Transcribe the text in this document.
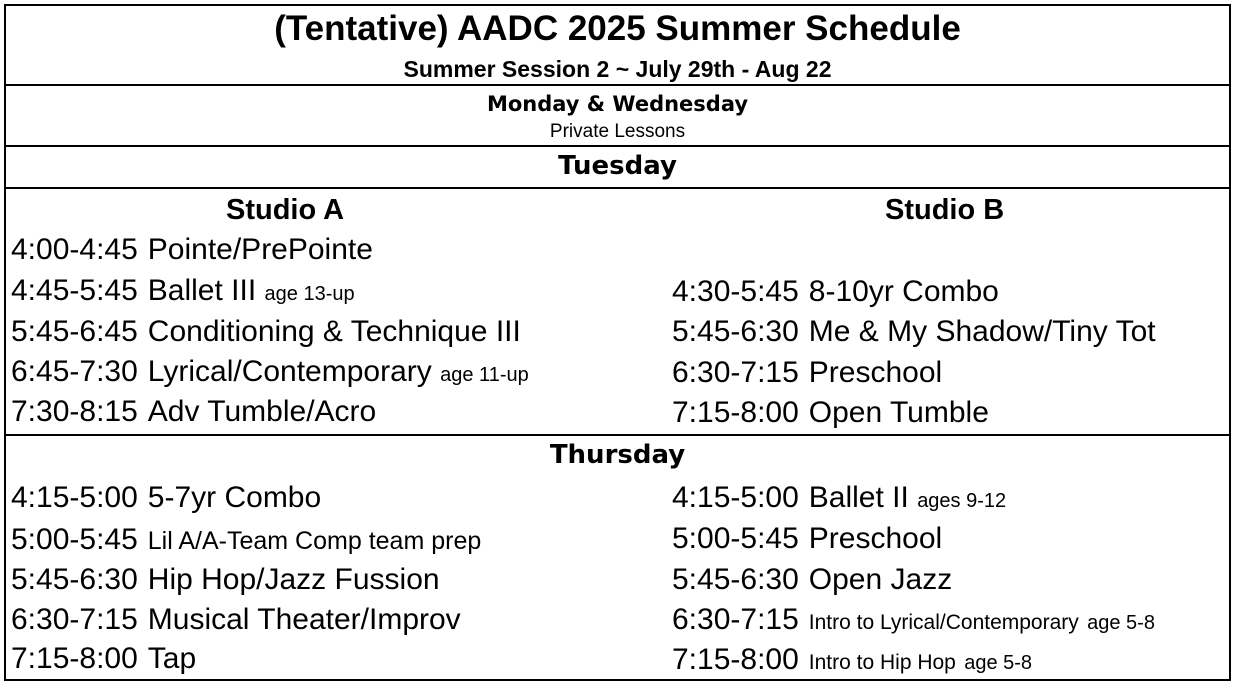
(Tentative) AADC 2025 Summer Schedule
Summer Session 2 ~ July 29th - Aug 22
Monday & Wednesday
Private Lessons
Tuesday
Studio A	Studio B
4:00-4:45 Pointe/PrePointe
4:45-5:45 Ballet III age 13-up
5:45-6:45 Conditioning & Technique III
6:45-7:30 Lyrical/Contemporary age 11-up
7:30-8:15 Adv Tumble/Acro
4:30-5:45 8-10yr Combo
5:45-6:30 Me & My Shadow/Tiny Tot
6:30-7:15 Preschool
7:15-8:00 Open Tumble
Thursday
4:15-5:00 5-7yr Combo
5:00-5:45 Lil A/A-Team Comp team prep
5:45-6:30 Hip Hop/Jazz Fussion
6:30-7:15 Musical Theater/Improv
7:15-8:00 Tap
4:15-5:00 Ballet II ages 9-12
5:00-5:45 Preschool
5:45-6:30 Open Jazz
6:30-7:15 Intro to Lyrical/Contemporary age 5-8
7:15-8:00 Intro to Hip Hop age 5-8
